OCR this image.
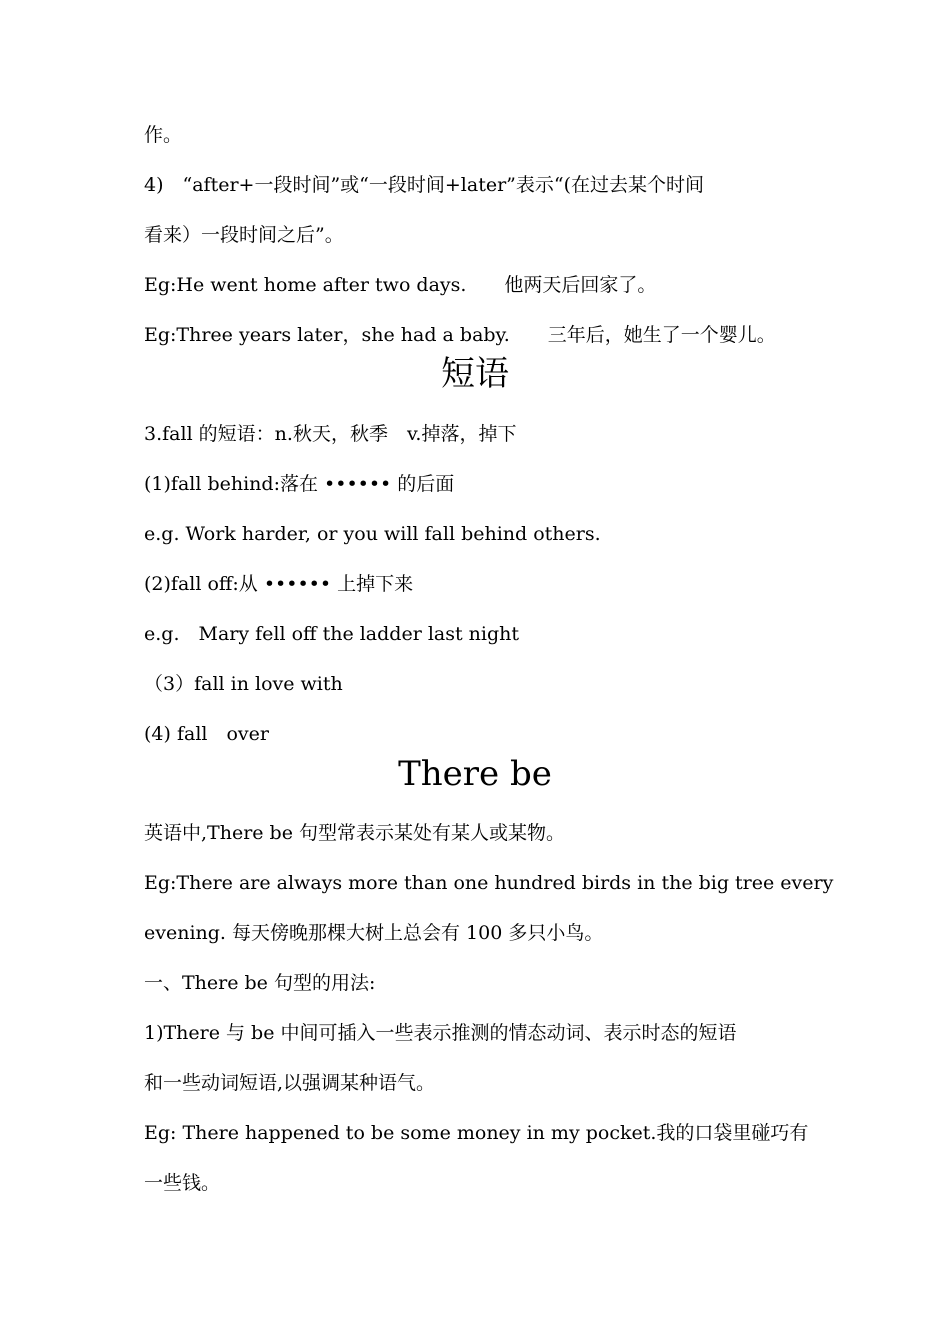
作。
4)　“after+一段时间”或“一段时间+later”表示“(在过去某个时间
看来）一段时间之后”。
Eg:He went home after two days.　　他两天后回家了。
Eg:Three years later，she had a baby.　　三年后，她生了一个婴儿。
短语
3.fall 的短语：n.秋天，秋季　v.掉落，掉下
(1)fall behind:落在 •••••• 的后面
e.g. Work harder, or you will fall behind others.
(2)fall off:从 •••••• 上掉下来
e.g.　Mary fell off the ladder last night
（3）fall in love with
(4) fall　over
There be
英语中,There be 句型常表示某处有某人或某物。
Eg:There are always more than one hundred birds in the big tree every
evening. 每天傍晚那棵大树上总会有 100 多只小鸟。
一、There be 句型的用法:
1)There 与 be 中间可插入一些表示推测的情态动词、表示时态的短语
和一些动词短语,以强调某种语气。
Eg: There happened to be some money in my pocket.我的口袋里碰巧有
一些钱。
